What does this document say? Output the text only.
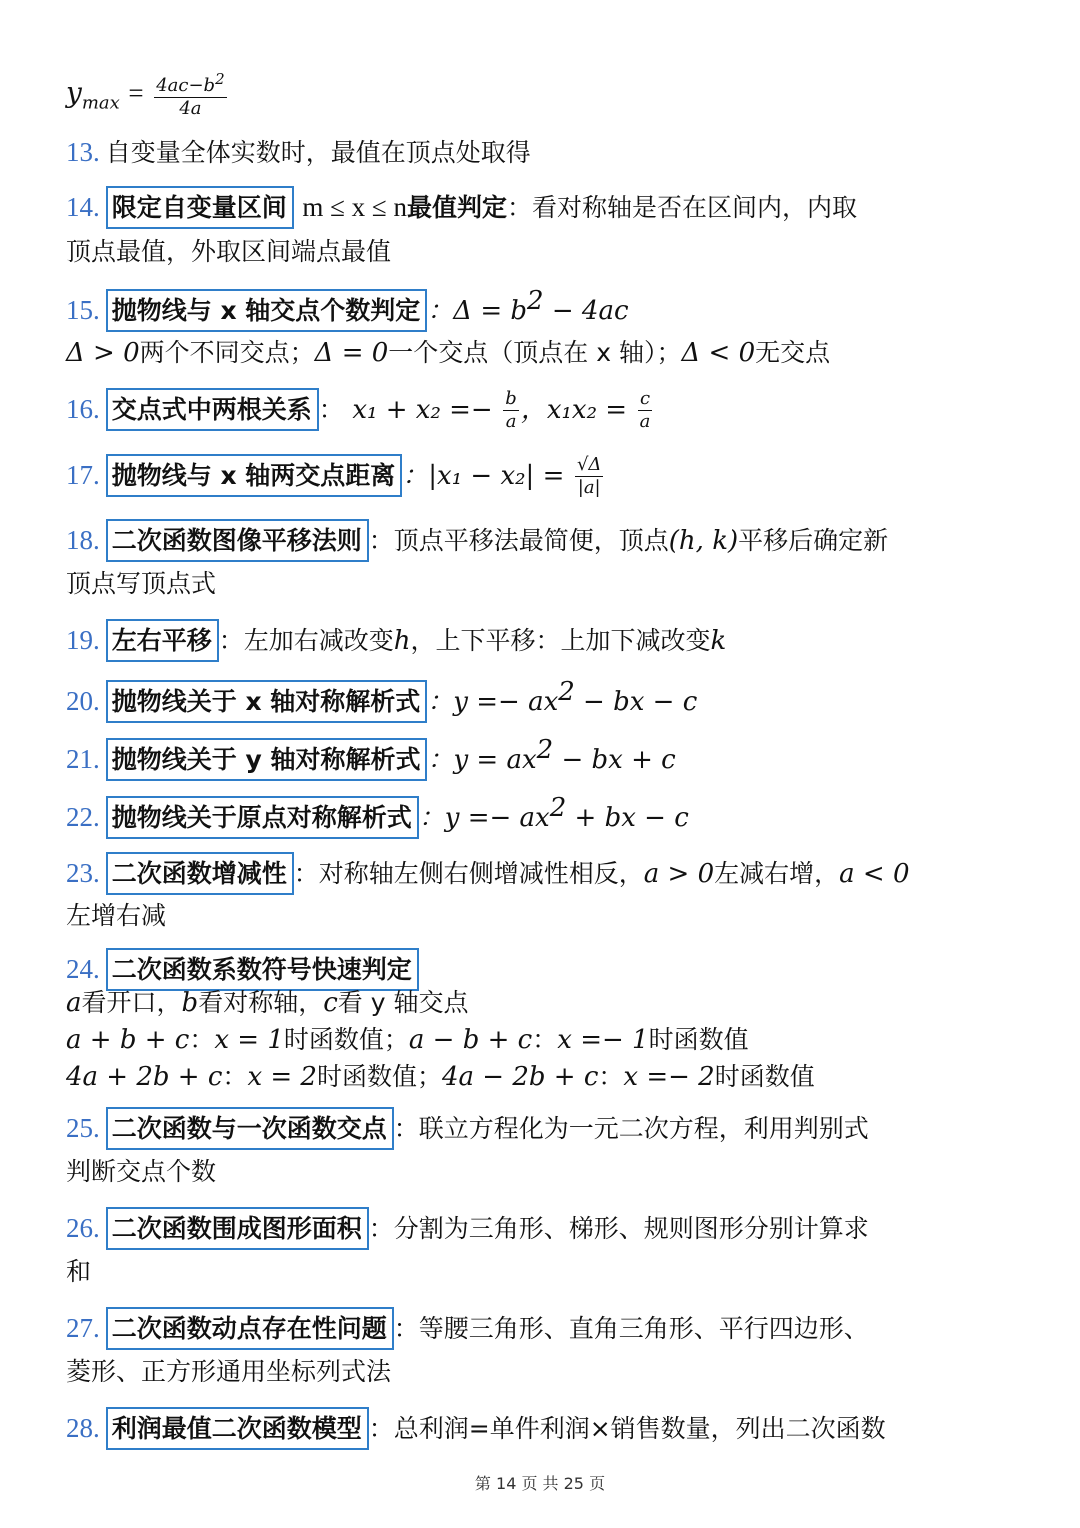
$y_{max} = \frac{4ac-b^2}{4a}$
13. 自变量全体实数时，最值在顶点处取得
14. 限定自变量区间 m ≤ x ≤ n最值判定：看对称轴是否在区间内，内取
顶点最值，外取区间端点最值
15. 抛物线与 x 轴交点个数判定 ：$\Delta = b^2 - 4ac$
Δ > 0两个不同交点；Δ = 0一个交点（顶点在 x 轴）；Δ < 0无交点
16. 交点式中两根关系 ： $x_1 + x_2 =- \frac{b}{a}$ ，$x_1x_2 = \frac{c}{a}$
17. 抛物线与 x 轴两交点距离 ：$|x_1 - x_2| = \frac{√\Delta}{|a|}$
18. 二次函数图像平移法则 ：顶点平移法最简便，顶点(h, k)平移后确定新
顶点写顶点式
19. 左右平移 ：左加右减改变h，上下平移：上加下减改变k
20. 抛物线关于 x 轴对称解析式 ：$y =- ax^2$ − bx − c
21. 抛物线关于 y 轴对称解析式 ：$y = ax^2$ − bx + c
22. 抛物线关于原点对称解析式 ：$y =- ax^2$ + bx − c
23. 二次函数增减性 ：对称轴左侧右侧增减性相反，a > 0左减右增，a < 0
左增右减
24. 二次函数系数符号快速判定
a看开口，b看对称轴，c看 y 轴交点
a + b + c：x = 1时函数值；a − b + c：x =− 1时函数值
4a + 2b + c：x = 2时函数值；4a − 2b + c：x =− 2时函数值
25. 二次函数与一次函数交点 ：联立方程化为一元二次方程，利用判别式
判断交点个数
26. 二次函数围成图形面积 ：分割为三角形、梯形、规则图形分别计算求
和
27. 二次函数动点存在性问题 ：等腰三角形、直角三角形、平行四边形、
菱形、正方形通用坐标列式法
28. 利润最值二次函数模型 ：总利润=单件利润×销售数量，列出二次函数
第 14 页 共 25 页
